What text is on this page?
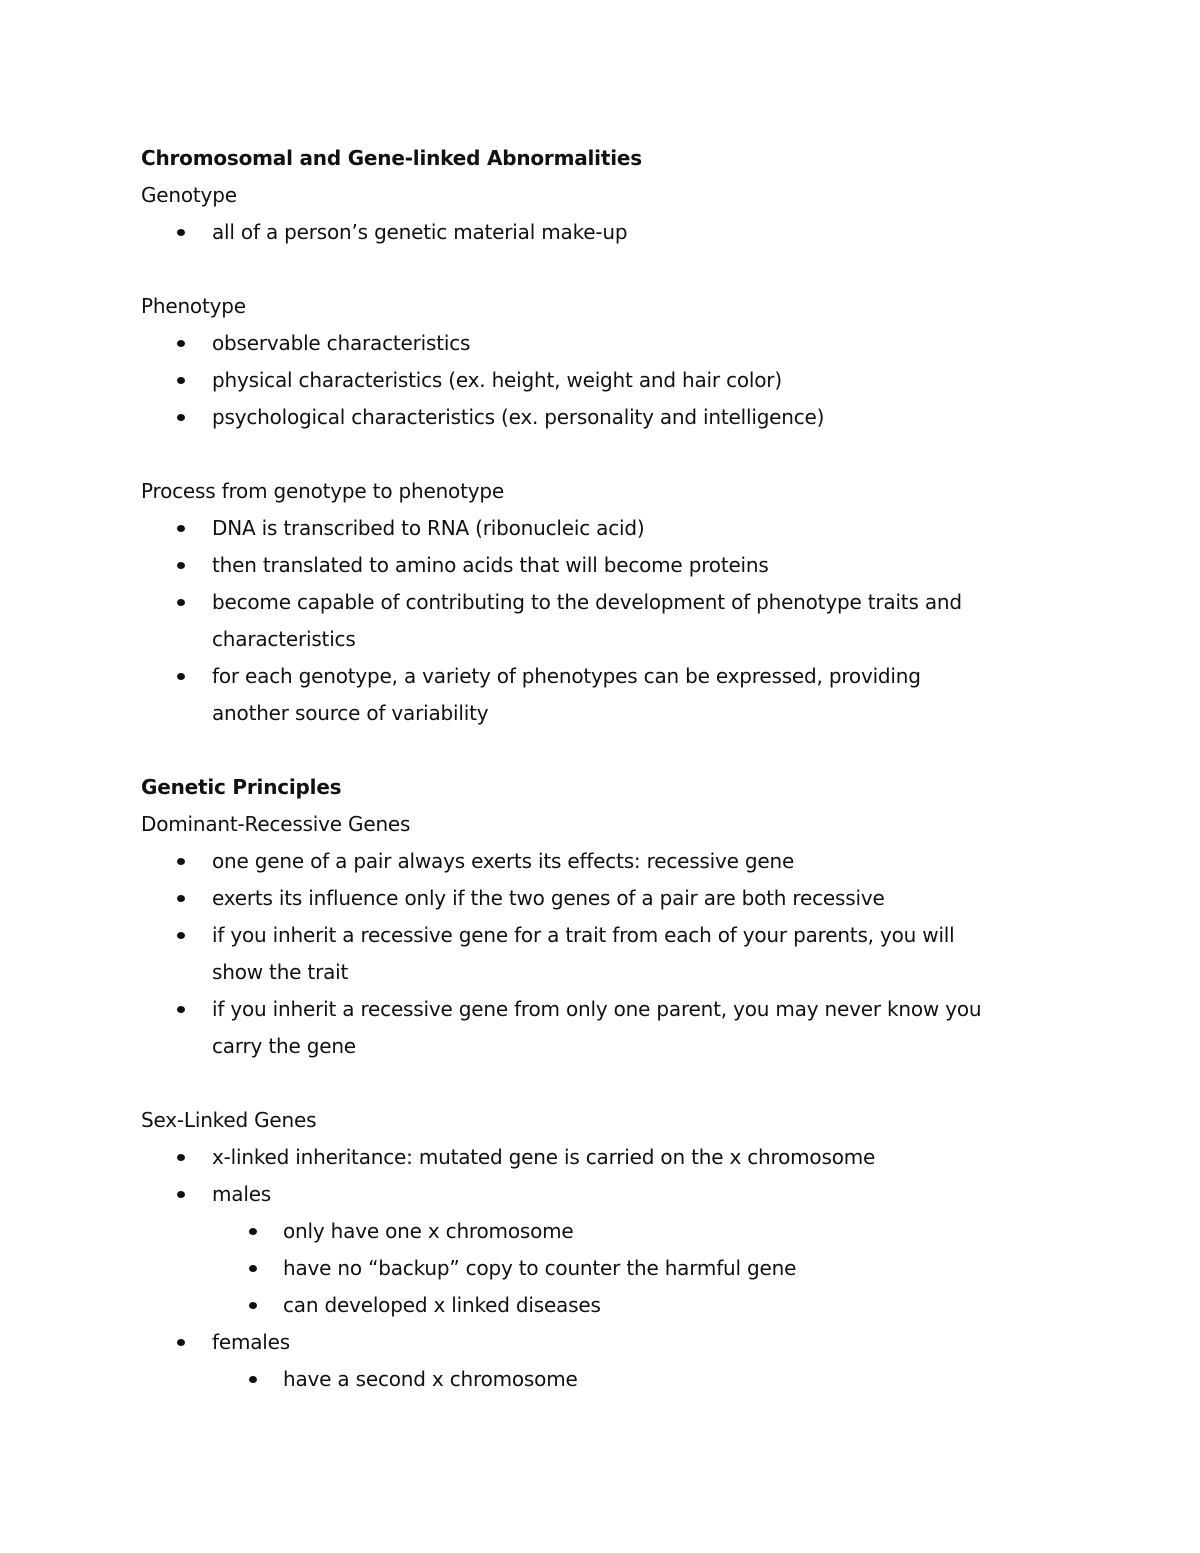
Chromosomal and Gene-linked Abnormalities
Genotype
all of a person’s genetic material make-up
Phenotype
observable characteristics
physical characteristics (ex. height, weight and hair color)
psychological characteristics (ex. personality and intelligence)
Process from genotype to phenotype
DNA is transcribed to RNA (ribonucleic acid)
then translated to amino acids that will become proteins
become capable of contributing to the development of phenotype traits and
characteristics
for each genotype, a variety of phenotypes can be expressed, providing
another source of variability
Genetic Principles
Dominant-Recessive Genes
one gene of a pair always exerts its effects: recessive gene
exerts its influence only if the two genes of a pair are both recessive
if you inherit a recessive gene for a trait from each of your parents, you will
show the trait
if you inherit a recessive gene from only one parent, you may never know you
carry the gene
Sex-Linked Genes
x-linked inheritance: mutated gene is carried on the x chromosome
males
only have one x chromosome
have no “backup” copy to counter the harmful gene
can developed x linked diseases
females
have a second x chromosome
